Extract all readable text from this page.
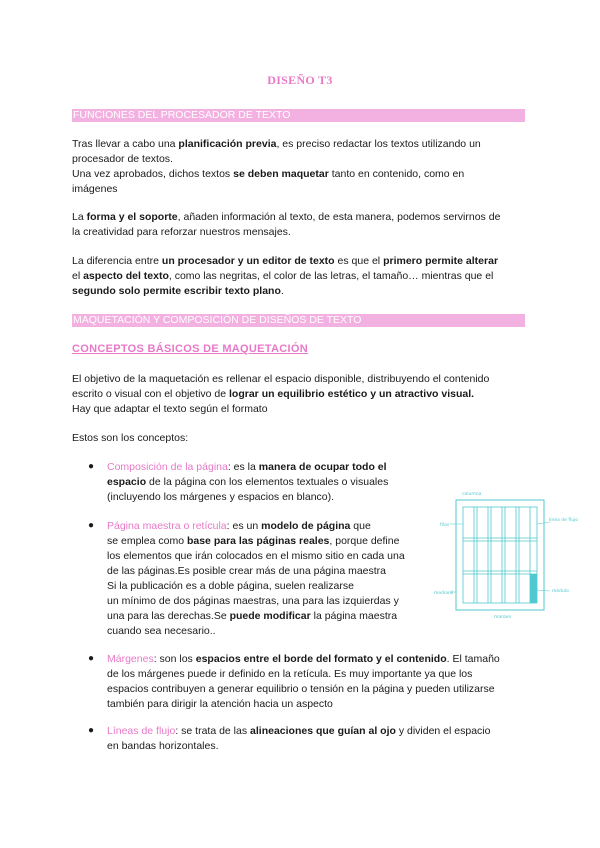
DISEÑO T3
FUNCIONES DEL PROCESADOR DE TEXTO
Tras llevar a cabo una planificación previa, es preciso redactar los textos utilizando un
procesador de textos.
Una vez aprobados, dichos textos se deben maquetar tanto en contenido, como en
imágenes
La forma y el soporte, añaden información al texto, de esta manera, podemos servirnos de
la creatividad para reforzar nuestros mensajes.
La diferencia entre un procesador y un editor de texto es que el primero permite alterar
el aspecto del texto, como las negritas, el color de las letras, el tamaño… mientras que el
segundo solo permite escribir texto plano.
MAQUETACIÓN Y COMPOSICIÓN DE DISEÑOS DE TEXTO
CONCEPTOS BÁSICOS DE MAQUETACIÓN
El objetivo de la maquetación es rellenar el espacio disponible, distribuyendo el contenido
escrito o visual con el objetivo de lograr un equilibrio estético y un atractivo visual.
Hay que adaptar el texto según el formato
Estos son los conceptos:
● Composición de la página: es la manera de ocupar todo el
espacio de la página con los elementos textuales o visuales
(incluyendo los márgenes y espacios en blanco).
● Página maestra o retícula: es un modelo de página que
se emplea como base para las páginas reales, porque define
los elementos que irán colocados en el mismo sitio en cada una
de las páginas.Es posible crear más de una página maestra
Si la publicación es a doble página, suelen realizarse
un mínimo de dos páginas maestras, una para las izquierdas y
una para las derechas.Se puede modificar la página maestra
cuando sea necesario..
● Márgenes: son los espacios entre el borde del formato y el contenido. El tamaño
de los márgenes puede ir definido en la retícula. Es muy importante ya que los
espacios contribuyen a generar equilibrio o tensión en la página y pueden utilizarse
también para dirigir la atención hacia un aspecto
● Líneas de flujo: se trata de las alineaciones que guían al ojo y dividen el espacio
en bandas horizontales.
columna
filas
línea de flujo
medianil	módulo
margen
